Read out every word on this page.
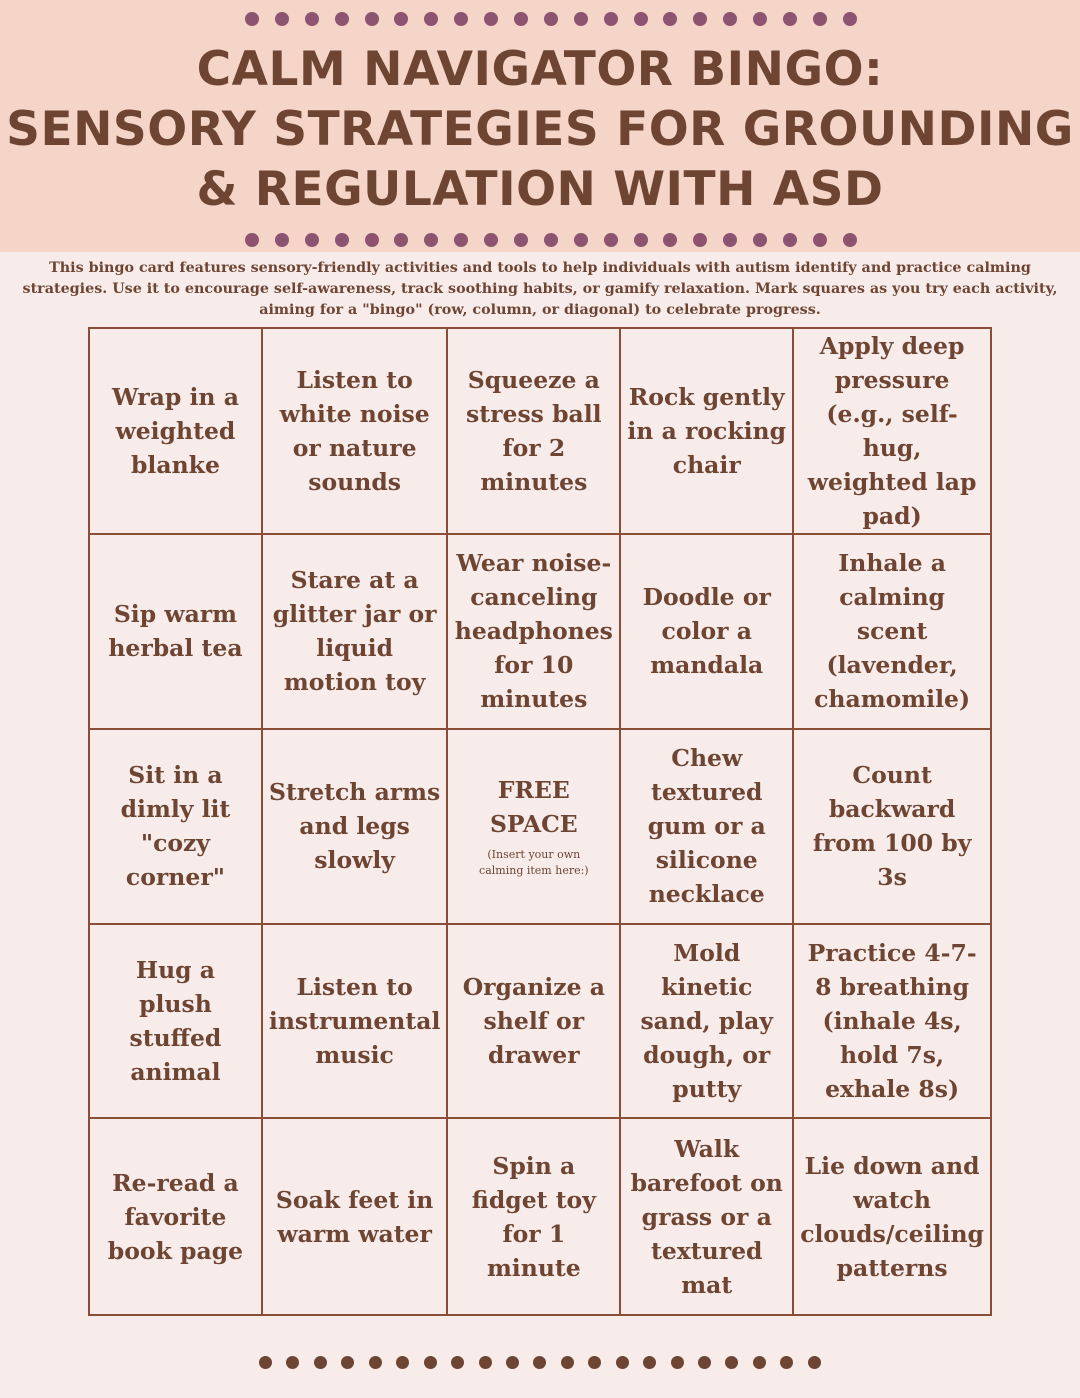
CALM NAVIGATOR BINGO:
SENSORY STRATEGIES FOR GROUNDING
& REGULATION WITH ASD

This bingo card features sensory-friendly activities and tools to help individuals with autism identify and practice calming strategies. Use it to encourage self-awareness, track soothing habits, or gamify relaxation. Mark squares as you try each activity, aiming for a "bingo" (row, column, or diagonal) to celebrate progress.

Wrap in a weighted blanke
Listen to white noise or nature sounds
Squeeze a stress ball for 2 minutes
Rock gently in a rocking chair
Apply deep pressure (e.g., self-hug, weighted lap pad)
Sip warm herbal tea
Stare at a glitter jar or liquid motion toy
Wear noise-canceling headphones for 10 minutes
Doodle or color a mandala
Inhale a calming scent (lavender, chamomile)
Sit in a dimly lit "cozy corner"
Stretch arms and legs slowly
FREE SPACE
(Insert your own calming item here:)
Chew textured gum or a silicone necklace
Count backward from 100 by 3s
Hug a plush stuffed animal
Listen to instrumental music
Organize a shelf or drawer
Mold kinetic sand, play dough, or putty
Practice 4-7-8 breathing (inhale 4s, hold 7s, exhale 8s)
Re-read a favorite book page
Soak feet in warm water
Spin a fidget toy for 1 minute
Walk barefoot on grass or a textured mat
Lie down and watch clouds/ceiling patterns
